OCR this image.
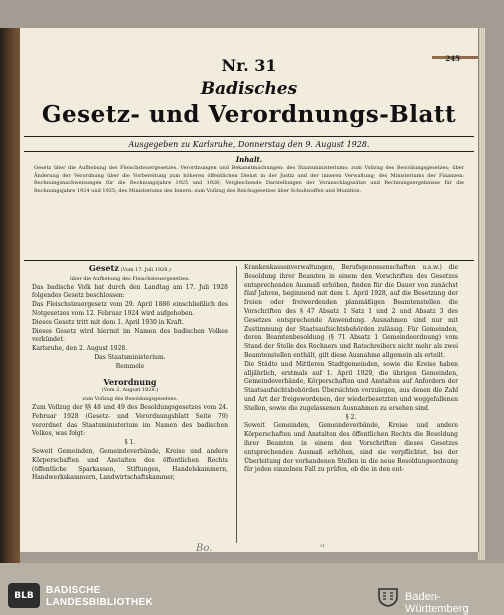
245
Nr. 31
Badisches
Gesetz- und Verordnungs-Blatt
Ausgegeben zu Karlsruhe, Donnerstag den 9. August 1928.
Inhalt.
Gesetz über die Aufhebung des Fleischsteuergesetzes. Verordnungen und Bekanntmachungen: des Staatsministeriums: zum Vollzug des Besoldungsgesetzes; über Änderung der Verordnung über die Vorbereitung zum höheren öffentlichen Dienst in der Justiz und der inneren Verwaltung; des Ministeriums der Finanzen: Rechnungsnachweisungen für die Rechnungsjahre 1925 und 1926; Vergleichende Darstellungen der Voranschlagssätze und Rechnungsergebnisse für die Rechnungsjahre 1924 und 1925; des Ministeriums des Innern: zum Vollzug des Reichsgesetzes über Schußwaffen und Munition.
Gesetz (Vom 17. Juli 1928.)
über die Aufhebung des Fleischsteuergesetzes.
Das badische Volk hat durch den Landtag am 17. Juli 1928 folgendes Gesetz beschlossen:
Das Fleischsteuergesetz vom 29. April 1886 einschließlich des Notgesetzes vom 12. Februar 1924 wird aufgehoben.
Dieses Gesetz tritt mit dem 1. April 1930 in Kraft.
Dieses Gesetz wird hiermit im Namen des badischen Volkes verkündet.
Karlsruhe, den 2. August 1928.
Das Staatsministerium.
Remmele
Verordnung
(Vom 2. August 1928.)
zum Vollzug des Besoldungsgesetzes.
Zum Vollzug der §§ 48 und 49 des Besoldungsgesetzes vom 24. Februar 1928 (Gesetz- und Verordnungsblatt Seite 79) verordnet das Staatsministerium im Namen des badischen Volkes, was folgt:
§ 1.
Soweit Gemeinden, Gemeindeverbände, Kreise und andere Körperschaften und Anstalten des öffentlichen Rechts (öffentliche Sparkassen, Stiftungen, Handelskammern, Handwerkskammern, Landwirtschaftskammer,
Krankenkassenverwaltungen, Berufsgenossenschaften u.s.w.) die Besoldung ihrer Beamten in einem den Vorschriften des Gesetzes entsprechenden Ausmaß erhöhen, finden für die Dauer von zunächst fünf Jahren, beginnend mit dem 1. April 1928, auf die Besetzung der freien oder freiwerdenden planmäßigen Beamtenstellen die Vorschriften des § 47 Absatz 1 Satz 1 und 2 und Absatz 3 des Gesetzes entsprechende Anwendung. Ausnahmen sind nur mit Zustimmung der Staatsaufsichtsbehörden zulässig. Für Gemeinden, deren Beamtenbesoldung (§ 71 Absatz 1 Gemeindeordnung) vom Stand der Stelle des Rechners und Ratschreibers nicht mehr als zwei Beamtenstellen enthält, gilt diese Ausnahme allgemein als erteilt.
Die Städte und Mittleren Stadtgemeinden, sowie die Kreise haben alljährlich, erstmals auf 1. April 1929, die übrigen Gemeinden, Gemeindeverbände, Körperschaften und Anstalten auf Anfordern der Staatsaufsichtsbehörden Übersichten vorzulegen, aus denen die Zahl und Art der freigewordenen, der wiederbesetzten und weggefallenen Stellen, sowie die zugelassenen Ausnahmen zu ersehen sind.
§ 2.
Soweit Gemeinden, Gemeindeverbände, Kreise und andere Körperschaften und Anstalten des öffentlichen Rechts die Besoldung ihrer Beamten in einem den Vorschriften dieses Gesetzes entsprechenden Ausmaß erhöhen, sind sie verpflichtet, bei der Überleitung der vorhandenen Stellen in die neue Besoldungsordnung für jeden einzelnen Fall zu prüfen, ob die in den ent-
31
Bo.
BLB	BADISCHE
LANDESBIBLIOTHEK	Baden-Württemberg
